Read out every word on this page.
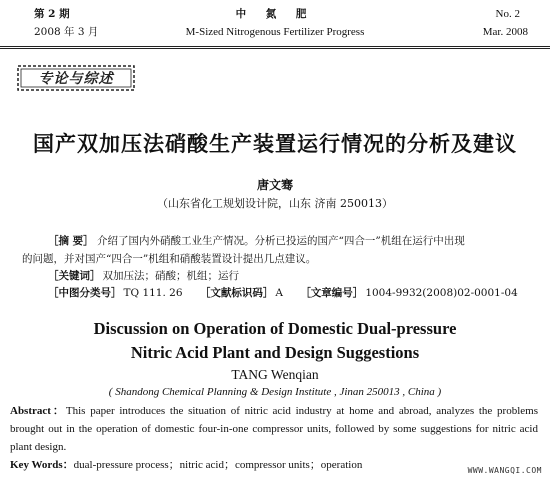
第 2 期
2008 年 3 月
中 氮 肥
M-Sized Nitrogenous Fertilizer Progress
No. 2
Mar. 2008
专论与综述
国产双加压法硝酸生产装置运行情况的分析及建议
唐文骞
（山东省化工规划设计院，山东 济南 250013）
［摘 要］ 介绍了国内外硝酸工业生产情况。分析已投运的国产“四合一”机组在运行中出现
的问题，并对国产“四合一”机组和硝酸装置设计提出几点建议。
［关键词］ 双加压法；硝酸；机组；运行
［中图分类号］ TQ 111. 26 ［文献标识码］ A ［文章编号］ 1004-9932(2008)02-0001-04
Discussion on Operation of Domestic Dual-pressure
Nitric Acid Plant and Design Suggestions
TANG Wenqian
( Shandong Chemical Planning & Design Institute , Jinan 250013 , China )
Abstract：This paper introduces the situation of nitric acid industry at home and abroad, analyzes the problems brought out in the operation of domestic four-in-one compressor units, followed by some suggestions for nitric acid plant design.
Key Words：dual-pressure process；nitric acid；compressor units；operation	WWW.WANGQI.COM
